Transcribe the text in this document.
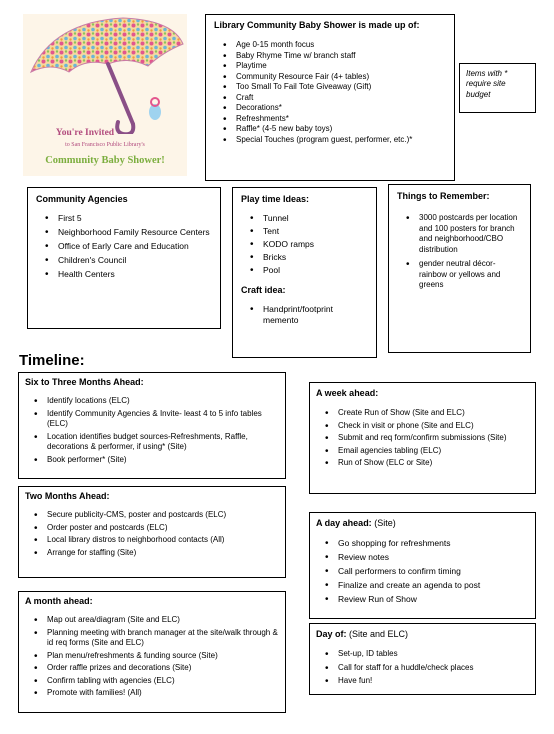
You're Invited
to San Francisco Public Library's
Community Baby Shower!
Library Community Baby Shower is made up of:
• Age 0-15 month focus
• Baby Rhyme Time w/ branch staff
• Playtime
• Community Resource Fair (4+ tables)
• Too Small To Fail Tote Giveaway (Gift)
• Craft
• Decorations*
• Refreshments*
• Raffle* (4-5 new baby toys)
• Special Touches (program guest, performer, etc.)*
Items with * require site budget
Community Agencies
• First 5
• Neighborhood Family Resource Centers
• Office of Early Care and Education
• Children's Council
• Health Centers
Play time Ideas:
• Tunnel
• Tent
• KODO ramps
• Bricks
• Pool
Craft idea:
• Handprint/footprint memento
Things to Remember:
• 3000 postcards per location and 100 posters for branch and neighborhood/CBO distribution
• gender neutral décor- rainbow or yellows and greens
Timeline:
Six to Three Months Ahead:
• Identify locations (ELC)
• Identify Community Agencies & Invite- least 4 to 5 info tables (ELC)
• Location identifies budget sources-Refreshments, Raffle, decorations & performer, if using* (Site)
• Book performer* (Site)
Two Months Ahead:
• Secure publicity-CMS, poster and postcards (ELC)
• Order poster and postcards (ELC)
• Local library distros to neighborhood contacts (All)
• Arrange for staffing (Site)
A month ahead:
• Map out area/diagram (Site and ELC)
• Planning meeting with branch manager at the site/walk through & id req forms (Site and ELC)
• Plan menu/refreshments & funding source (Site)
• Order raffle prizes and decorations (Site)
• Confirm tabling with agencies (ELC)
• Promote with families! (All)
A week ahead:
• Create Run of Show (Site and ELC)
• Check in visit or phone (Site and ELC)
• Submit and req form/confirm submissions (Site)
• Email agencies tabling (ELC)
• Run of Show (ELC or Site)
A day ahead: (Site)
• Go shopping for refreshments
• Review notes
• Call performers to confirm timing
• Finalize and create an agenda to post
• Review Run of Show
Day of: (Site and ELC)
• Set-up, ID tables
• Call for staff for a huddle/check places
• Have fun!
